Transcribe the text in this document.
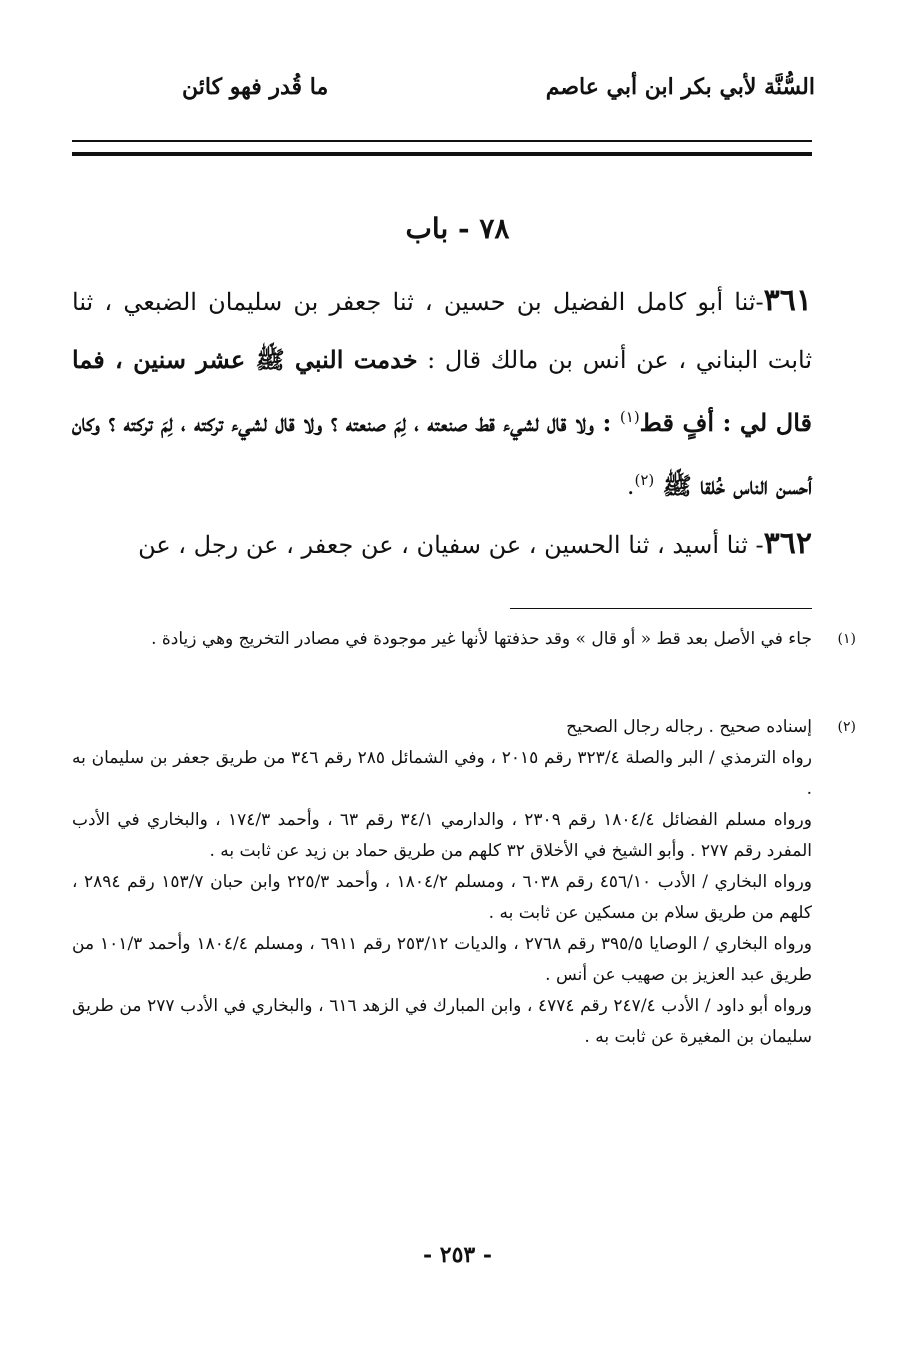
السُّنَّة لأبي بكر ابن أبي عاصم
ما قُدر فهو كائن
٧٨ - باب

٣٦١-ثنا أبو كامل الفضيل بن حسين ، ثنا جعفر بن سليمان الضبعي ، ثنا ثابت البناني ، عن أنس بن مالك قال : خدمت النبي ﷺ عشر سنين ، فما قال لي : أفٍ قط$^{(١)}$ : ولا قال لشيء قط صنعته ، لِمَ صنعته ؟ ولا قال لشيء تركته ، لِمَ تركته ؟ وكان أحسن الناس خُلقا ﷺ $^{(٢)}$.

٣٦٢- ثنا أسيد ، ثنا الحسين ، عن سفيان ، عن جعفر ، عن رجل ، عن

(١)

جاء في الأصل بعد قط « أو قال » وقد حذفتها لأنها غير موجودة في مصادر التخريج وهي زيادة .

(٢)

إسناده صحيح . رجاله رجال الصحيح

رواه الترمذي / البر والصلة ٣٢٣/٤ رقم ٢٠١٥ ، وفي الشمائل ٢٨٥ رقم ٣٤٦ من طريق جعفر بن سليمان به .

ورواه مسلم الفضائل ١٨٠٤/٤ رقم ٢٣٠٩ ، والدارمي ٣٤/١ رقم ٦٣ ، وأحمد ١٧٤/٣ ، والبخاري في الأدب المفرد رقم ٢٧٧ . وأبو الشيخ في الأخلاق ٣٢ كلهم من طريق حماد بن زيد عن ثابت به .

ورواه البخاري / الأدب ٤٥٦/١٠ رقم ٦٠٣٨ ، ومسلم ١٨٠٤/٢ ، وأحمد ٢٢٥/٣ وابن حبان ١٥٣/٧ رقم ٢٨٩٤ ، كلهم من طريق سلام بن مسكين عن ثابت به .

ورواه البخاري / الوصايا ٣٩٥/٥ رقم ٢٧٦٨ ، والديات ٢٥٣/١٢ رقم ٦٩١١ ، ومسلم ١٨٠٤/٤ وأحمد ١٠١/٣ من طريق عبد العزيز بن صهيب عن أنس .

ورواه أبو داود / الأدب ٢٤٧/٤ رقم ٤٧٧٤ ، وابن المبارك في الزهد ٦١٦ ، والبخاري في الأدب ٢٧٧ من طريق سليمان بن المغيرة عن ثابت به .

- ٢٥٣ -
